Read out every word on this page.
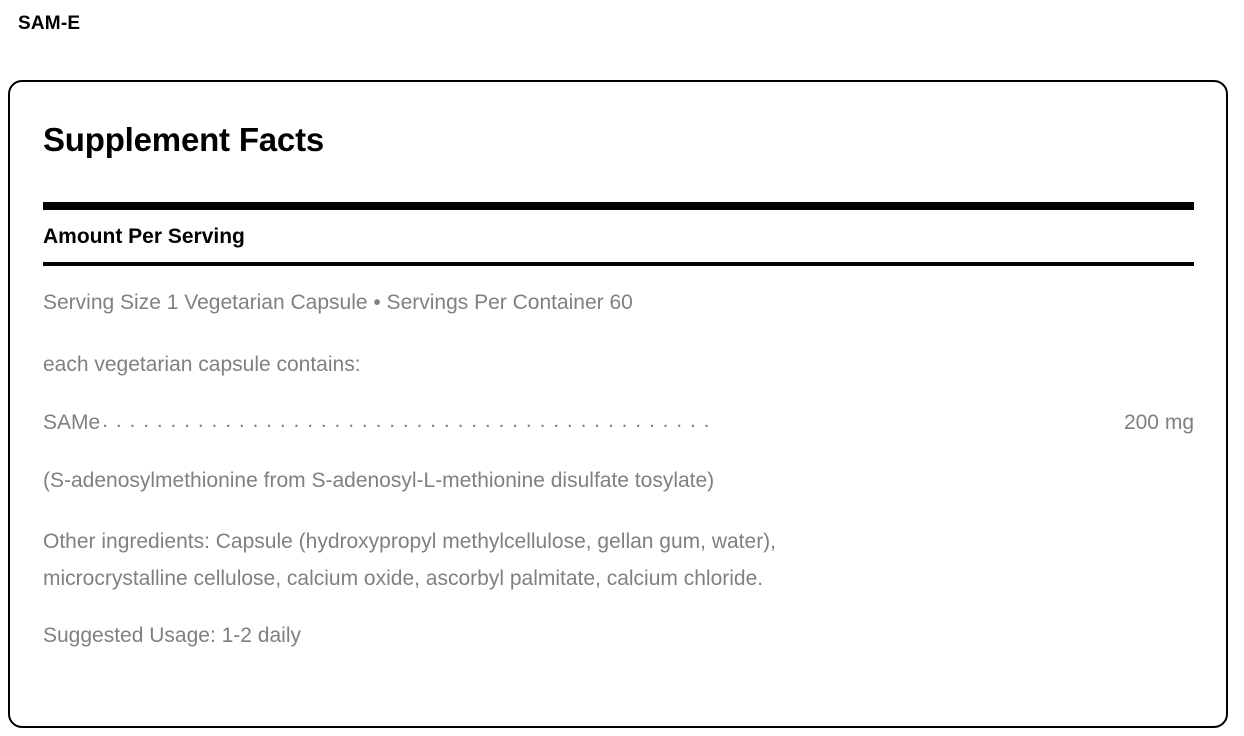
SAM-E
Supplement Facts
Amount Per Serving
Serving Size 1 Vegetarian Capsule • Servings Per Container 60
each vegetarian capsule contains:
SAMe . . . . . . . . . . . . . . . . . . . . . . . . . . . . . . . . . . . . . . . . . . . . .	200 mg
(S-adenosylmethionine from S-adenosyl-L-methionine disulfate tosylate)
Other ingredients: Capsule (hydroxypropyl methylcellulose, gellan gum, water),
microcrystalline cellulose, calcium oxide, ascorbyl palmitate, calcium chloride.
Suggested Usage: 1-2 daily
